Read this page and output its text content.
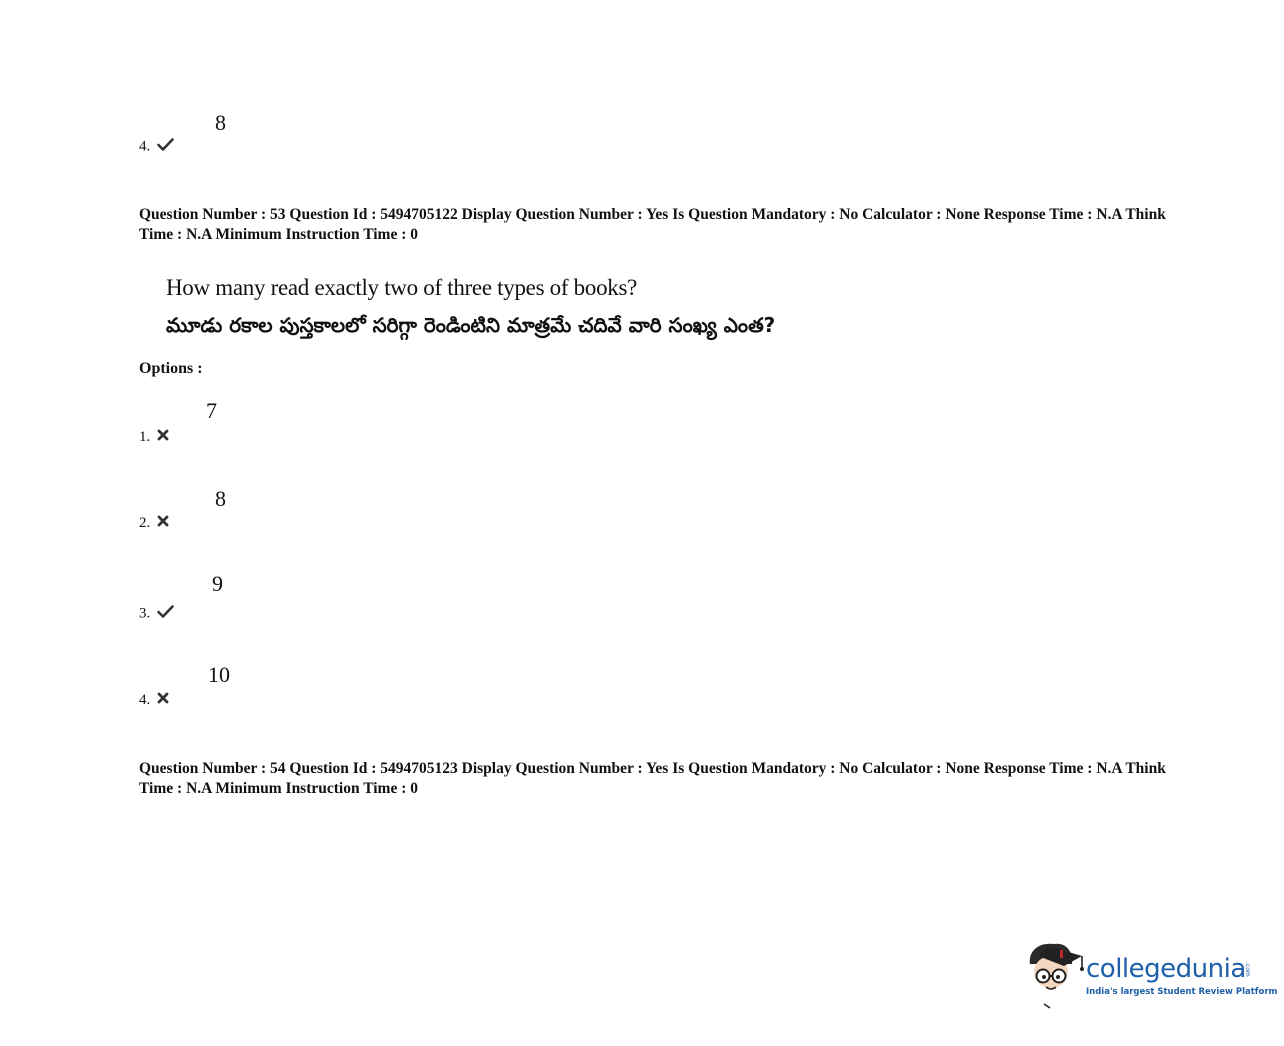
8
4.
Question Number : 53 Question Id : 5494705122 Display Question Number : Yes Is Question Mandatory : No Calculator : None Response Time : N.A Think Time : N.A Minimum Instruction Time : 0
How many read exactly two of three types of books?
మూడు రకాల పుస్తకాలలో సరిగ్గా రెండింటిని మాత్రమే చదివే వారి సంఖ్య ఎంత?
Options :
7
1.
8
2.
9
3.
10
4.
Question Number : 54 Question Id : 5494705123 Display Question Number : Yes Is Question Mandatory : No Calculator : None Response Time : N.A Think Time : N.A Minimum Instruction Time : 0
collegedunia
.com
India's largest Student Review Platform
